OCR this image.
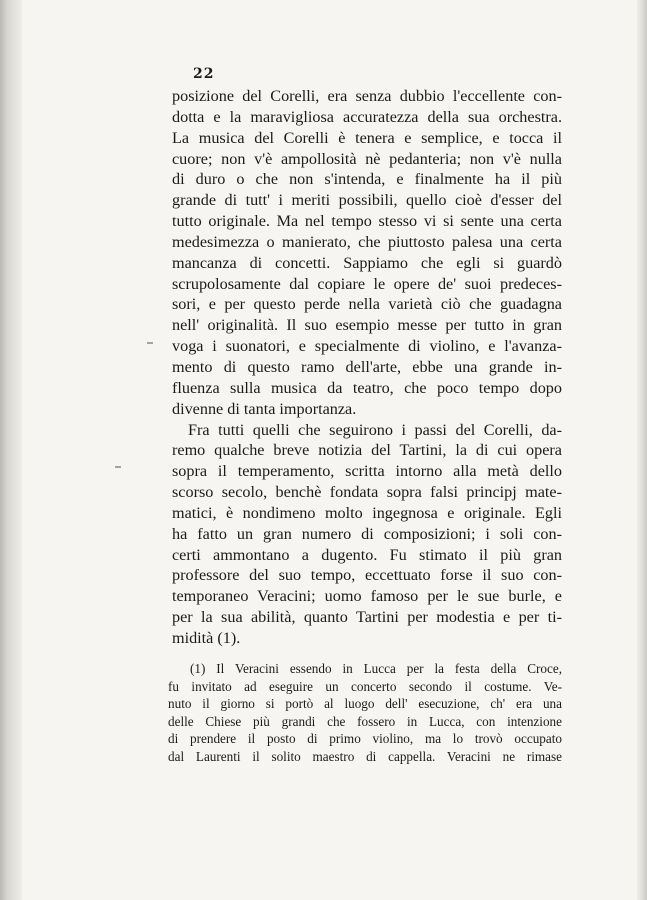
22
posizione del Corelli, era senza dubbio l'eccellente con-
dotta e la maravigliosa accuratezza della sua orchestra.
La musica del Corelli è tenera e semplice, e tocca il
cuore; non v'è ampollosità nè pedanteria; non v'è nulla
di duro o che non s'intenda, e finalmente ha il più
grande di tutt' i meriti possibili, quello cioè d'esser del
tutto originale. Ma nel tempo stesso vi si sente una certa
medesimezza o manierato, che piuttosto palesa una certa
mancanza di concetti. Sappiamo che egli si guardò
scrupolosamente dal copiare le opere de' suoi predeces-
sori, e per questo perde nella varietà ciò che guadagna
nell' originalità. Il suo esempio messe per tutto in gran
voga i suonatori, e specialmente di violino, e l'avanza-
mento di questo ramo dell'arte, ebbe una grande in-
fluenza sulla musica da teatro, che poco tempo dopo
divenne di tanta importanza.
Fra tutti quelli che seguirono i passi del Corelli, da-
remo qualche breve notizia del Tartini, la di cui opera
sopra il temperamento, scritta intorno alla metà dello
scorso secolo, benchè fondata sopra falsi principj mate-
matici, è nondimeno molto ingegnosa e originale. Egli
ha fatto un gran numero di composizioni; i soli con-
certi ammontano a dugento. Fu stimato il più gran
professore del suo tempo, eccettuato forse il suo con-
temporaneo Veracini; uomo famoso per le sue burle, e
per la sua abilità, quanto Tartini per modestia e per ti-
midità (1).
(1) Il Veracini essendo in Lucca per la festa della Croce,
fu invitato ad eseguire un concerto secondo il costume. Ve-
nuto il giorno si portò al luogo dell' esecuzione, ch' era una
delle Chiese più grandi che fossero in Lucca, con intenzione
di prendere il posto di primo violino, ma lo trovò occupato
dal Laurenti il solito maestro di cappella. Veracini ne rimase
